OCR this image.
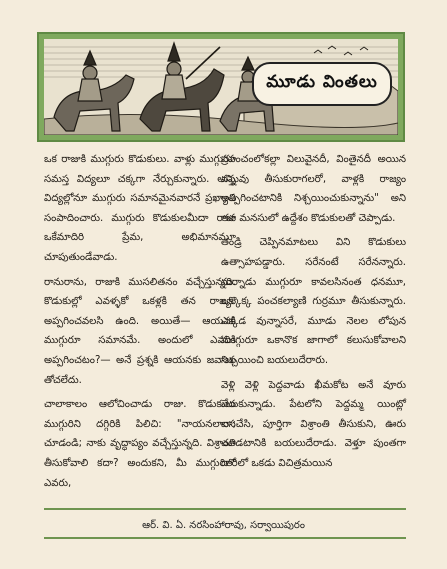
మూడు వింతలు

ఒక రాజుకి ముగ్గురు కొడుకులు. వాళ్లు ముగ్గురూ సమస్త విద్యలూ చక్కగా నేర్చుకున్నారు. అన్ని విద్యల్లోనూ ముగ్గురు సమానమైనవారనే ప్రఖ్యాతి సంపాదించారు. ముగ్గురు కొడుకులమీదా రాజు ఒకేమాదిరి ప్రేమ, అభిమానమూ చూపుతుండేవాడు.

రానురాను, రాజుకి ముసలితనం వచ్చేస్తున్నది. కొడుకుల్లో ఎవళ్ళకో ఒకళ్లకి తన రాజ్యం అప్పగించవలసి ఉంది. అయితే— ఆయనకి ముగ్గురూ సమానమే. అందులో ఎవరికి అప్పగించటం?— అనే ప్రశ్నకి ఆయనకు జవాబు తోచలేదు.

చాలాకాలం ఆలోచించాడు రాజు. కొడుకులు ముగ్గురిని దగ్గిరికి పిలిచి: "నాయనలారా; చూడండి; నాకు వృద్ధాప్యం వచ్చేస్తున్నది. విశ్రాంతి తీసుకోవాలి కదా? అందుకని, మీ ముగ్గురిలో ఎవరు,

ప్రపంచంలోకల్లా విలువైనదీ, వింతైనదీ అయిన వస్తువు తీసుకురాగలరో, వాళ్లకి రాజ్యం అప్పగించటానికి నిశ్చయించుకున్నాను" అని తన మనసులో ఉద్దేశం కొడుకులతో చెప్పాడు.

తండ్రి చెప్పినమాటలు విని కొడుకులు ఉత్సాహపడ్డారు. సరేనంటే సరేనన్నారు. మర్నాడు ముగ్గురూ కావలసినంత ధనమూ, ఒక్కొక్క పంచకల్యాణి గుర్రమూ తీసుకున్నారు. ఎక్కడ వున్నాసరే, మూడు నెలల లోపున ముగ్గురూ ఒకానొక జాగాలో కలుసుకోవాలని నిశ్చయించి బయలుదేరారు.

వెళ్లి వెళ్లి పెద్దవాడు ఖీమకోట అనే వూరు చేరుకున్నాడు. పేటలోని పెద్దమ్మ యింట్లో బసచేసి, పూర్తిగా విశ్రాంతి తీసుకుని, ఊరు చూడటానికి బయలుదేరాడు. వెళ్తూ పుంతగా దారిలో ఒకడు విచిత్రమయిన

ఆర్. వి. ఏ. నరసింహారావు, సర్వాయిపురం
